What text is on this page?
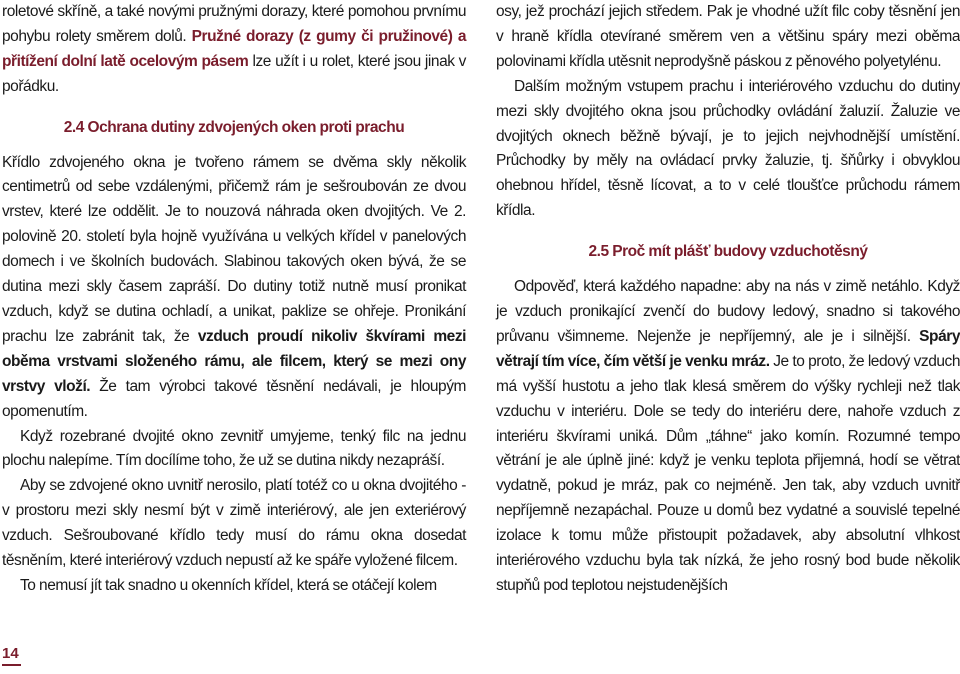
roletové skříně, a také novými pružnými dorazy, které pomohou prvnímu pohybu rolety směrem dolů. Pružné dorazy (z gumy či pružinové) a přitížení dolní latě ocelovým pásem lze užít i u rolet, které jsou jinak v pořádku.

2.4 Ochrana dutiny zdvojených oken proti prachu

Křídlo zdvojeného okna je tvořeno rámem se dvěma skly několik centimetrů od sebe vzdálenými, přičemž rám je sešroubován ze dvou vrstev, které lze oddělit. Je to nouzová náhrada oken dvojitých. Ve 2. polovině 20. století byla hojně využívána u velkých křídel v panelových domech i ve školních budovách. Slabinou takových oken bývá, že se dutina mezi skly časem zapráší. Do dutiny totiž nutně musí pronikat vzduch, když se dutina ochladí, a unikat, paklize se ohřeje. Pronikání prachu lze zabránit tak, že vzduch proudí nikoliv škvírami mezi oběma vrstvami složeného rámu, ale filcem, který se mezi ony vrstvy vloží. Že tam výrobci takové těsnění nedávali, je hloupým opomenutím.

Když rozebrané dvojité okno zevnitř umyjeme, tenký filc na jednu plochu nalepíme. Tím docílíme toho, že už se dutina nikdy nezapráší.

Aby se zdvojené okno uvnitř nerosilo, platí totéž co u okna dvojitého - v prostoru mezi skly nesmí být v zimě interiérový, ale jen exteriérový vzduch. Sešroubované křídlo tedy musí do rámu okna dosedat těsněním, které interiérový vzduch nepustí až ke spáře vyložené filcem.

To nemusí jít tak snadno u okenních křídel, která se otáčejí kolem

osy, jež prochází jejich středem. Pak je vhodné užít filc coby těsnění jen v hraně křídla otevírané směrem ven a většinu spáry mezi oběma polovinami křídla utěsnit neprodyšně páskou z pěnového polyetylénu.

Dalším možným vstupem prachu i interiérového vzduchu do dutiny mezi skly dvojitého okna jsou průchodky ovládání žaluzií. Žaluzie ve dvojitých oknech běžně bývají, je to jejich nejvhodnější umístění. Průchodky by měly na ovládací prvky žaluzie, tj. šňůrky i obvyklou ohebnou hřídel, těsně lícovat, a to v celé tloušťce průchodu rámem křídla.

2.5 Proč mít plášť budovy vzduchotěsný

Odpověď, která každého napadne: aby na nás v zimě netáhlo. Když je vzduch pronikající zvenčí do budovy ledový, snadno si takového průvanu všimneme. Nejenže je nepříjemný, ale je i silnější. Spáry větrají tím více, čím větší je venku mráz. Je to proto, že ledový vzduch má vyšší hustotu a jeho tlak klesá směrem do výšky rychleji než tlak vzduchu v interiéru. Dole se tedy do interiéru dere, nahoře vzduch z interiéru škvírami uniká. Dům „táhne“ jako komín. Rozumné tempo větrání je ale úplně jiné: když je venku teplota přijemná, hodí se větrat vydatně, pokud je mráz, pak co nejméně. Jen tak, aby vzduch uvnitř nepříjemně nezapáchal. Pouze u domů bez vydatné a souvislé tepelné izolace k tomu může přistoupit požadavek, aby absolutní vlhkost interiérového vzduchu byla tak nízká, že jeho rosný bod bude několik stupňů pod teplotou nejstudenějších

14
